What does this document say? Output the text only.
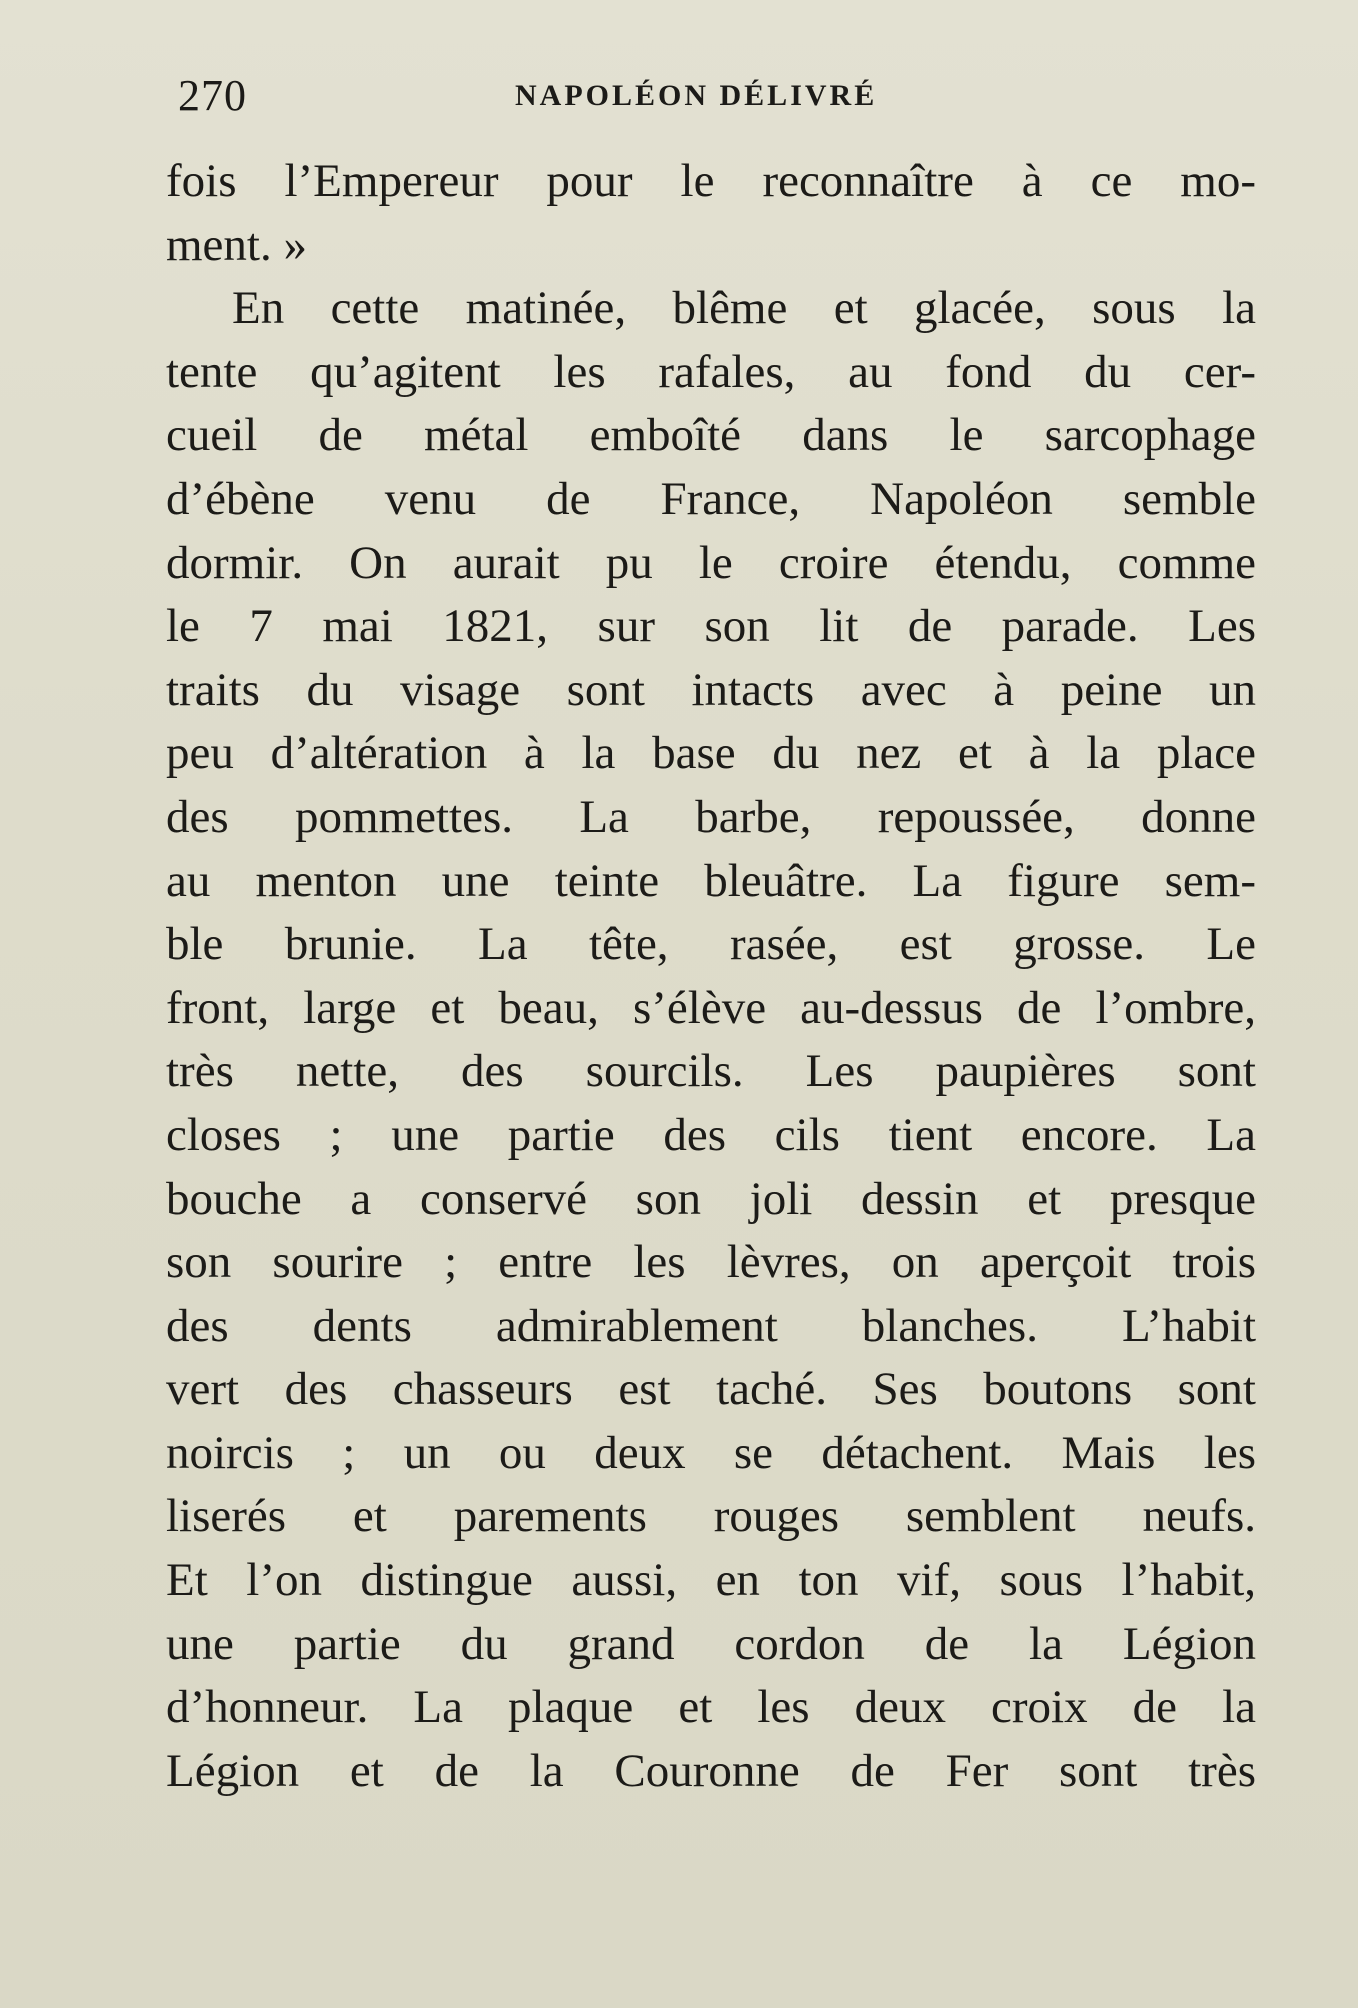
270	NAPOLÉON DÉLIVRÉ
fois l’Empereur pour le reconnaître à ce mo-
ment. »
En cette matinée, blême et glacée, sous la
tente qu’agitent les rafales, au fond du cer-
cueil de métal emboîté dans le sarcophage
d’ébène venu de France, Napoléon semble
dormir. On aurait pu le croire étendu, comme
le 7 mai 1821, sur son lit de parade. Les
traits du visage sont intacts avec à peine un
peu d’altération à la base du nez et à la place
des pommettes. La barbe, repoussée, donne
au menton une teinte bleuâtre. La figure sem-
ble brunie. La tête, rasée, est grosse. Le
front, large et beau, s’élève au-dessus de l’ombre,
très nette, des sourcils. Les paupières sont
closes ; une partie des cils tient encore. La
bouche a conservé son joli dessin et presque
son sourire ; entre les lèvres, on aperçoit trois
des dents admirablement blanches. L’habit
vert des chasseurs est taché. Ses boutons sont
noircis ; un ou deux se détachent. Mais les
liserés et parements rouges semblent neufs.
Et l’on distingue aussi, en ton vif, sous l’habit,
une partie du grand cordon de la Légion
d’honneur. La plaque et les deux croix de la
Légion et de la Couronne de Fer sont très
